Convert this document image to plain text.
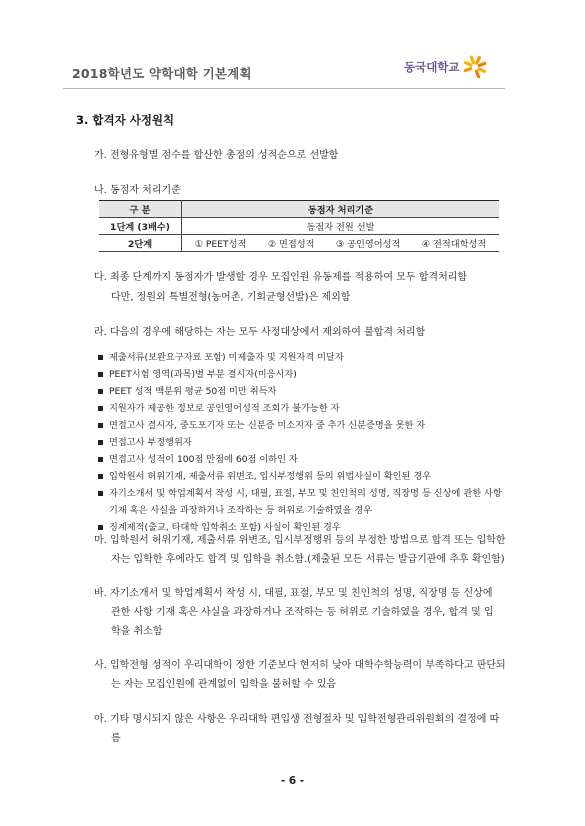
2018학년도 약학대학 기본계획	동국대학교
3. 합격자 사정원칙
가. 전형유형별 점수를 합산한 총점의 성적순으로 선발함
나. 동점자 처리기준
구 분	동점자 처리기준
1단계 (3배수)	동점자 전원 선발
2단계	① PEET성적 ② 면접성적 ③ 공인영어성적 ④ 전적대학성적
다. 최종 단계까지 동점자가 발생할 경우 모집인원 유동제를 적용하여 모두 합격처리함
다만, 정원외 특별전형(농어촌, 기회균형선발)은 제외함
라. 다음의 경우에 해당하는 자는 모두 사정대상에서 제외하여 불합격 처리함
제출서류(보완요구자료 포함) 미제출자 및 지원자격 미달자
PEET시험 영역(과목)별 부분 결시자(미응시자)
PEET 성적 백분위 평균 50점 미만 취득자
지원자가 제공한 정보로 공인영어성적 조회가 불가능한 자
면접고사 결시자, 중도포기자 또는 신분증 미소지자 중 추가 신분증명을 못한 자
면접고사 부정행위자
면접고사 성적이 100점 만점에 60점 이하인 자
입학원서 허위기재, 제출서류 위변조, 입시부정행위 등의 위법사실이 확인된 경우
자기소개서 및 학업계획서 작성 시, 대필, 표절, 부모 및 친인척의 성명, 직장명 등 신상에 관한 사항 기재 혹은 사실을 과장하거나 조작하는 등 허위로 기술하였을 경우
징계제적(출교, 타대학 입학취소 포함) 사실이 확인된 경우
마. 입학원서 허위기재, 제출서류 위변조, 입시부정행위 등의 부정한 방법으로 합격 또는 입학한
자는 입학한 후에라도 합격 및 입학을 취소함.(제출된 모든 서류는 발급기관에 추후 확인함)
바. 자기소개서 및 학업계획서 작성 시, 대필, 표절, 부모 및 친인척의 성명, 직장명 등 신상에
관한 사항 기재 혹은 사실을 과장하거나 조작하는 등 허위로 기술하였을 경우, 합격 및 입
학을 취소함
사. 입학전형 성적이 우리대학이 정한 기준보다 현저히 낮아 대학수학능력이 부족하다고 판단되
는 자는 모집인원에 관계없이 입학을 불허할 수 있음
아. 기타 명시되지 않은 사항은 우리대학 편입생 전형절차 및 입학전형관리위원회의 결정에 따
름
- 6 -
